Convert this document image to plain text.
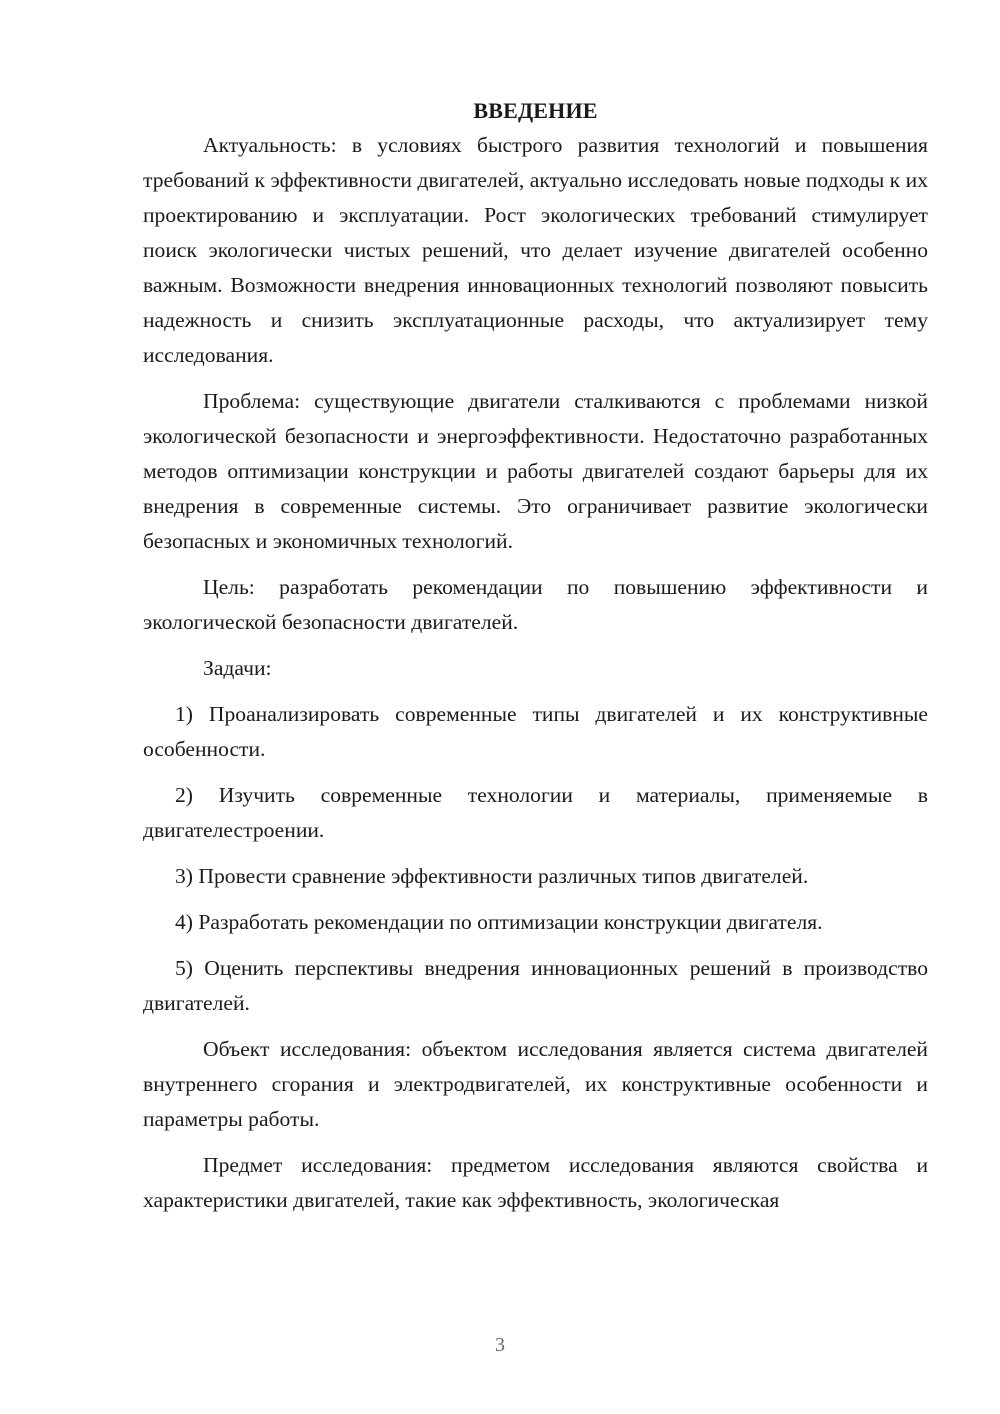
ВВЕДЕНИЕ

Актуальность: в условиях быстрого развития технологий и повышения требований к эффективности двигателей, актуально исследовать новые подходы к их проектированию и эксплуатации. Рост экологических требований стимулирует поиск экологически чистых решений, что делает изучение двигателей особенно важным. Возможности внедрения инновационных технологий позволяют повысить надежность и снизить эксплуатационные расходы, что актуализирует тему исследования.

Проблема: существующие двигатели сталкиваются с проблемами низкой экологической безопасности и энергоэффективности. Недостаточно разработанных методов оптимизации конструкции и работы двигателей создают барьеры для их внедрения в современные системы. Это ограничивает развитие экологически безопасных и экономичных технологий.

Цель: разработать рекомендации по повышению эффективности и экологической безопасности двигателей.

Задачи:

1) Проанализировать современные типы двигателей и их конструктивные особенности.

2) Изучить современные технологии и материалы, применяемые в двигателестроении.

3) Провести сравнение эффективности различных типов двигателей.

4) Разработать рекомендации по оптимизации конструкции двигателя.

5) Оценить перспективы внедрения инновационных решений в производство двигателей.

Объект исследования: объектом исследования является система двигателей внутреннего сгорания и электродвигателей, их конструктивные особенности и параметры работы.

Предмет исследования: предметом исследования являются свойства и характеристики двигателей, такие как эффективность, экологическая

3
